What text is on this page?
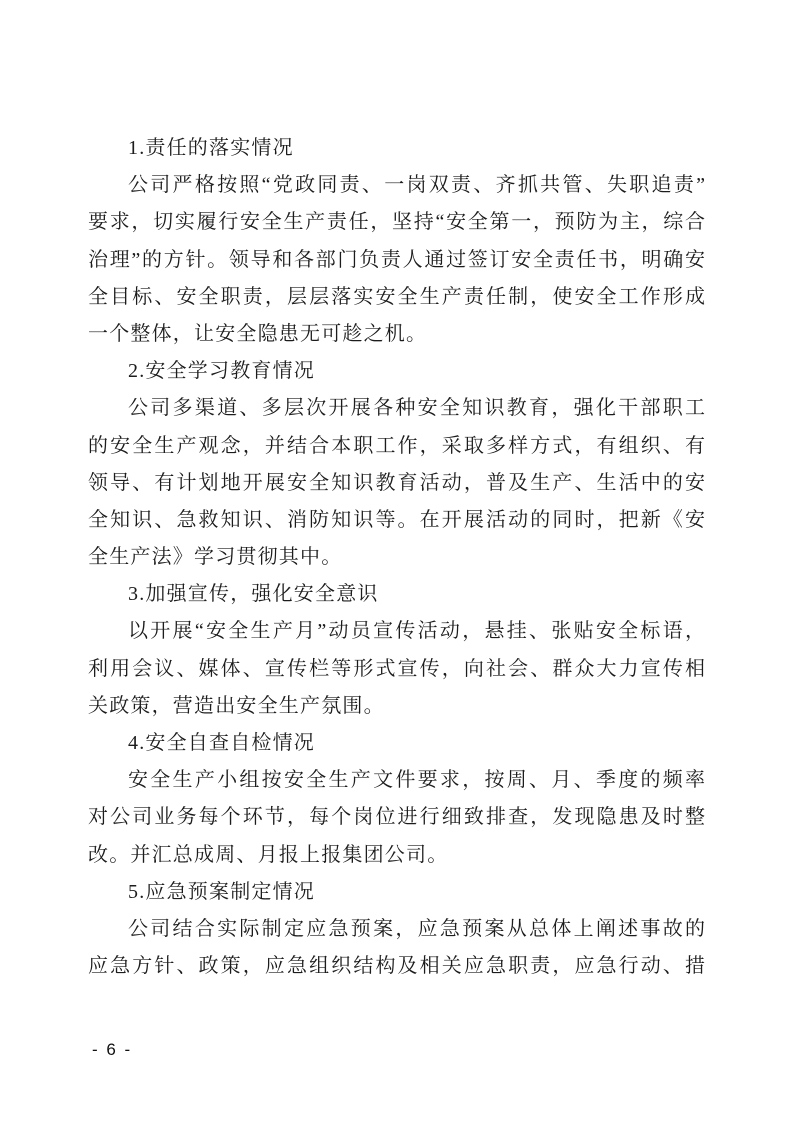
1.责任的落实情况
公司严格按照“党政同责、一岗双责、齐抓共管、失职追责”
要求，切实履行安全生产责任，坚持“安全第一，预防为主，综合
治理”的方针。领导和各部门负责人通过签订安全责任书，明确安
全目标、安全职责，层层落实安全生产责任制，使安全工作形成
一个整体，让安全隐患无可趁之机。
2.安全学习教育情况
公司多渠道、多层次开展各种安全知识教育，强化干部职工
的安全生产观念，并结合本职工作，采取多样方式，有组织、有
领导、有计划地开展安全知识教育活动，普及生产、生活中的安
全知识、急救知识、消防知识等。在开展活动的同时，把新《安
全生产法》学习贯彻其中。
3.加强宣传，强化安全意识
以开展“安全生产月”动员宣传活动，悬挂、张贴安全标语，
利用会议、媒体、宣传栏等形式宣传，向社会、群众大力宣传相
关政策，营造出安全生产氛围。
4.安全自查自检情况
安全生产小组按安全生产文件要求，按周、月、季度的频率
对公司业务每个环节，每个岗位进行细致排查，发现隐患及时整
改。并汇总成周、月报上报集团公司。
5.应急预案制定情况
公司结合实际制定应急预案，应急预案从总体上阐述事故的
应急方针、政策，应急组织结构及相关应急职责，应急行动、措
- 6 -
